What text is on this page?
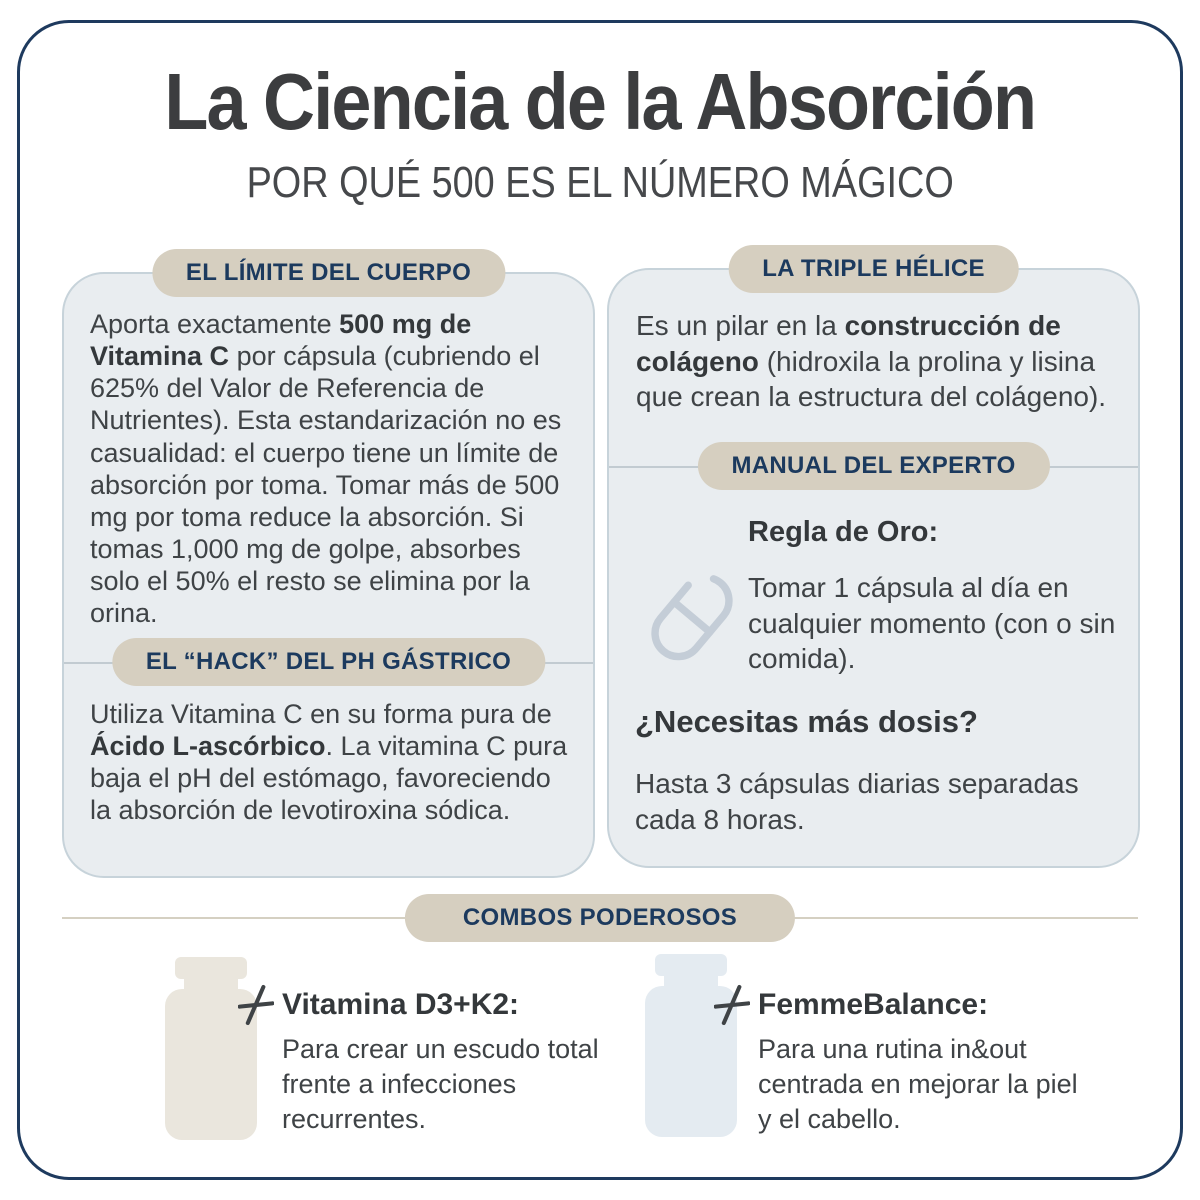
La Ciencia de la Absorción
POR QUÉ 500 ES EL NÚMERO MÁGICO
EL LÍMITE DEL CUERPO

Aporta exactamente 500 mg de Vitamina C por cápsula (cubriendo el 625% del Valor de Referencia de Nutrientes). Esta estandarización no es casualidad: el cuerpo tiene un límite de absorción por toma. Tomar más de 500 mg por toma reduce la absorción. Si tomas 1,000 mg de golpe, absorbes solo el 50% el resto se elimina por la orina.

EL “HACK” DEL PH GÁSTRICO

Utiliza Vitamina C en su forma pura de Ácido L-ascórbico. La vitamina C pura baja el pH del estómago, favoreciendo la absorción de levotiroxina sódica.

LA TRIPLE HÉLICE

Es un pilar en la construcción de colágeno (hidroxila la prolina y lisina que crean la estructura del colágeno).

MANUAL DEL EXPERTO
Regla de Oro:

Tomar 1 cápsula al día en cualquier momento (con o sin comida).

¿Necesitas más dosis?

Hasta 3 cápsulas diarias separadas cada 8 horas.

COMBOS PODEROSOS
Vitamina D3+K2:

Para crear un escudo total frente a infecciones recurrentes.

FemmeBalance:

Para una rutina in&out centrada en mejorar la piel y el cabello.
